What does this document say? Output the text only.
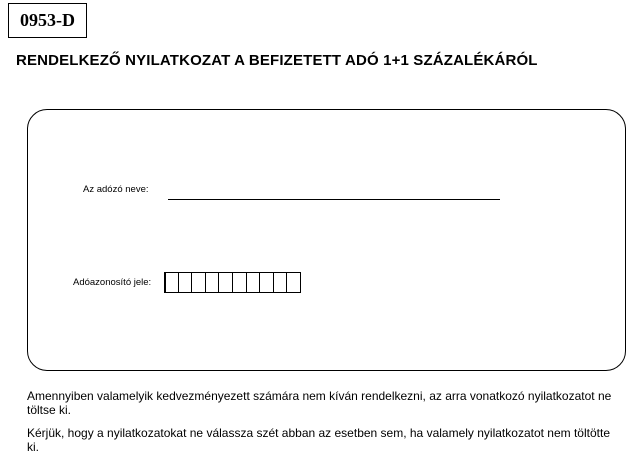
0953-D
RENDELKEZŐ NYILATKOZAT A BEFIZETETT ADÓ 1+1 SZÁZALÉKÁRÓL
Az adózó neve:
Adóazonosító jele:
Amennyiben valamelyik kedvezményezett számára nem kíván rendelkezni, az arra vonatkozó nyilatkozatot ne töltse ki.
Kérjük, hogy a nyilatkozatokat ne válassza szét abban az esetben sem, ha valamely nyilatkozatot nem töltötte ki.
